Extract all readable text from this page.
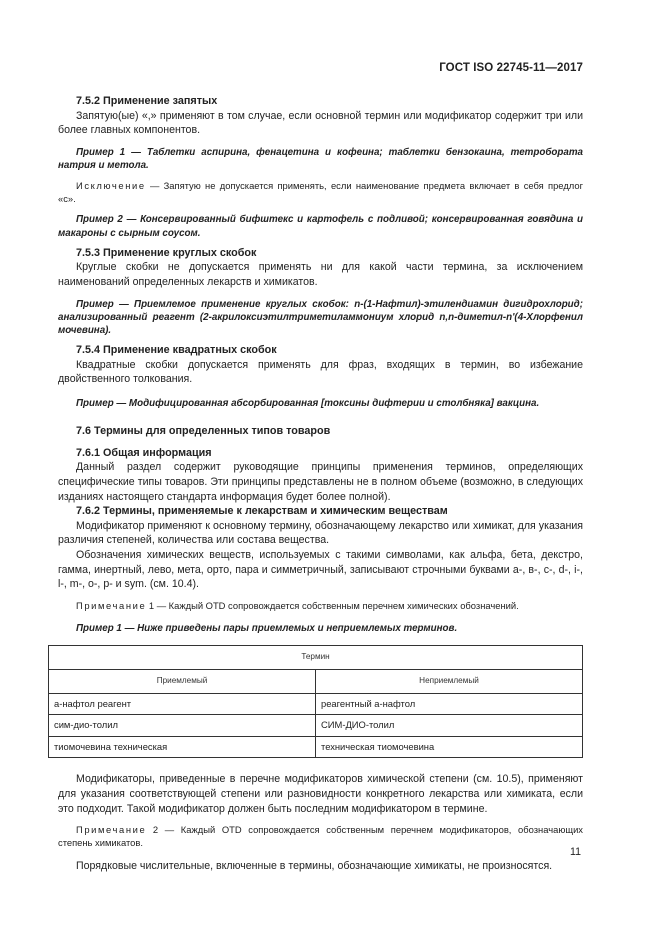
ГОСТ ISO 22745-11—2017
7.5.2 Применение запятых

Запятую(ые) «,» применяют в том случае, если основной термин или модификатор содержит три или более главных компонентов.

Пример 1 — Таблетки аспирина, фенацетина и кофеина; таблетки бензокаина, тетробората натрия и метола.

Исключение — Запятую не допускается применять, если наименование предмета включает в себя предлог «с».

Пример 2 — Консервированный бифштекс и картофель с подливой; консервированная говядина и макароны с сырным соусом.

7.5.3 Применение круглых скобок

Круглые скобки не допускается применять ни для какой части термина, за исключением наименований определенных лекарств и химикатов.

Пример — Приемлемое применение круглых скобок: n-(1-Нафтил)-этилендиамин дигидрохлорид; анализированный реагент (2-акрилоксиэтилтриметиламмониум хлорид n,n-диметил-n'(4-Хлорфенил мочевина).

7.5.4 Применение квадратных скобок

Квадратные скобки допускается применять для фраз, входящих в термин, во избежание двойственного толкования.

Пример — Модифицированная абсорбированная [токсины дифтерии и столбняка] вакцина.

7.6 Термины для определенных типов товаров
7.6.1 Общая информация

Данный раздел содержит руководящие принципы применения терминов, определяющих специфические типы товаров. Эти принципы представлены не в полном объеме (возможно, в следующих изданиях настоящего стандарта информация будет более полной).

7.6.2 Термины, применяемые к лекарствам и химическим веществам

Модификатор применяют к основному термину, обозначающему лекарство или химикат, для указания различия степеней, количества или состава вещества.

Обозначения химических веществ, используемых с такими символами, как альфа, бета, декстро, гамма, инертный, лево, мета, орто, пара и симметричный, записывают строчными буквами а-, в-, с-, d-, i-, l-, m-, о-, р- и sym. (см. 10.4).

Примечание 1 — Каждый OTD сопровождается собственным перечнем химических обозначений.

Пример 1 — Ниже приведены пары приемлемых и неприемлемых терминов.

Термин	
Приемлемый	Неприемлемый
а-нафтол реагент	реагентный а-нафтол
сим-дио-толил	СИМ-ДИО-толил
тиомочевина техническая	техническая тиомочевина

Модификаторы, приведенные в перечне модификаторов химической степени (см. 10.5), применяют для указания соответствующей степени или разновидности конкретного лекарства или химиката, если это подходит. Такой модификатор должен быть последним модификатором в термине.

Примечание 2 — Каждый OTD сопровождается собственным перечнем модификаторов, обозначающих степень химикатов.

Порядковые числительные, включенные в термины, обозначающие химикаты, не произносятся.

11
